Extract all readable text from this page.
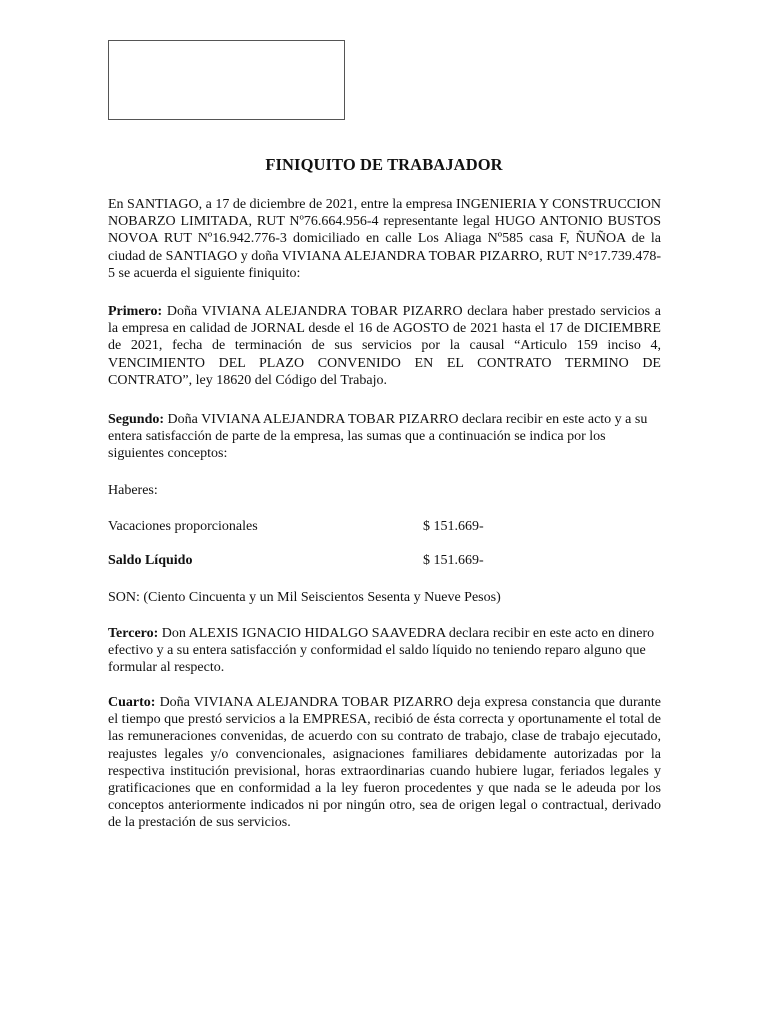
FINIQUITO DE TRABAJADOR

En SANTIAGO, a 17 de diciembre de 2021, entre la empresa INGENIERIA Y CONSTRUCCION NOBARZO LIMITADA, RUT Nº76.664.956-4 representante legal HUGO ANTONIO BUSTOS NOVOA RUT Nº16.942.776-3 domiciliado en calle Los Aliaga Nº585 casa F, ÑUÑOA de la ciudad de SANTIAGO y doña VIVIANA ALEJANDRA TOBAR PIZARRO, RUT N°17.739.478-5 se acuerda el siguiente finiquito:

Primero: Doña VIVIANA ALEJANDRA TOBAR PIZARRO declara haber prestado servicios a la empresa en calidad de JORNAL desde el 16 de AGOSTO de 2021 hasta el 17 de DICIEMBRE de 2021, fecha de terminación de sus servicios por la causal “Articulo 159 inciso 4, VENCIMIENTO DEL PLAZO CONVENIDO EN EL CONTRATO TERMINO DE CONTRATO”, ley 18620 del Código del Trabajo.

Segundo: Doña VIVIANA ALEJANDRA TOBAR PIZARRO declara recibir en este acto y a su entera satisfacción de parte de la empresa, las sumas que a continuación se indica por los siguientes conceptos:

Haberes:

Vacaciones proporcionales	$ 151.669-
Saldo Líquido	$ 151.669-

SON: (Ciento Cincuenta y un Mil Seiscientos Sesenta y Nueve Pesos)

Tercero: Don ALEXIS IGNACIO HIDALGO SAAVEDRA declara recibir en este acto en dinero efectivo y a su entera satisfacción y conformidad el saldo líquido no teniendo reparo alguno que formular al respecto.

Cuarto: Doña VIVIANA ALEJANDRA TOBAR PIZARRO deja expresa constancia que durante el tiempo que prestó servicios a la EMPRESA, recibió de ésta correcta y oportunamente el total de las remuneraciones convenidas, de acuerdo con su contrato de trabajo, clase de trabajo ejecutado, reajustes legales y/o convencionales, asignaciones familiares debidamente autorizadas por la respectiva institución previsional, horas extraordinarias cuando hubiere lugar, feriados legales y gratificaciones que en conformidad a la ley fueron procedentes y que nada se le adeuda por los conceptos anteriormente indicados ni por ningún otro, sea de origen legal o contractual, derivado de la prestación de sus servicios.
